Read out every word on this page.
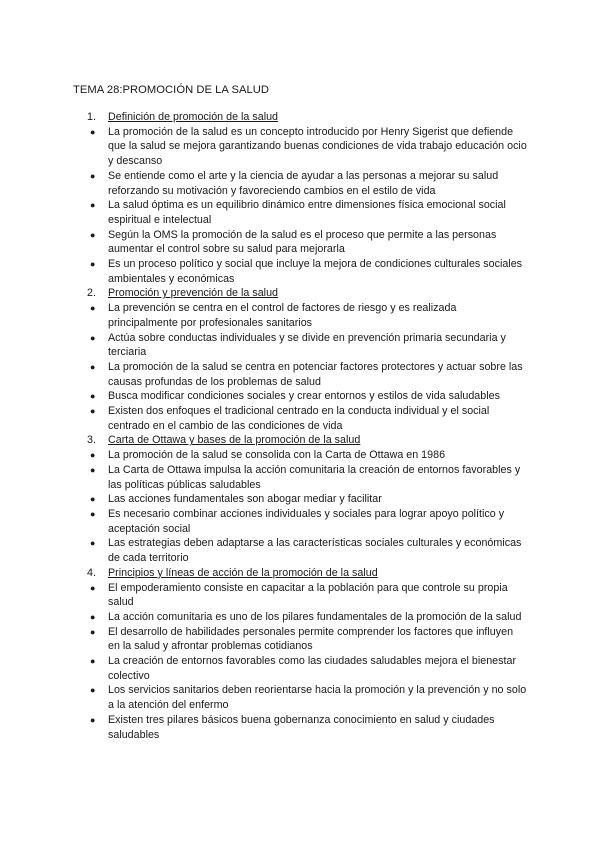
TEMA 28:PROMOCIÓN DE LA SALUD
1. Definición de promoción de la salud
● La promoción de la salud es un concepto introducido por Henry Sigerist que defiende que la salud se mejora garantizando buenas condiciones de vida trabajo educación ocio y descanso
● Se entiende como el arte y la ciencia de ayudar a las personas a mejorar su salud reforzando su motivación y favoreciendo cambios en el estilo de vida
● La salud óptima es un equilibrio dinámico entre dimensiones física emocional social espiritual e intelectual
● Según la OMS la promoción de la salud es el proceso que permite a las personas aumentar el control sobre su salud para mejorarla
● Es un proceso político y social que incluye la mejora de condiciones culturales sociales ambientales y económicas
2. Promoción y prevención de la salud
● La prevención se centra en el control de factores de riesgo y es realizada principalmente por profesionales sanitarios
● Actúa sobre conductas individuales y se divide en prevención primaria secundaria y terciaria
● La promoción de la salud se centra en potenciar factores protectores y actuar sobre las causas profundas de los problemas de salud
● Busca modificar condiciones sociales y crear entornos y estilos de vida saludables
● Existen dos enfoques el tradicional centrado en la conducta individual y el social centrado en el cambio de las condiciones de vida
3. Carta de Ottawa y bases de la promoción de la salud
● La promoción de la salud se consolida con la Carta de Ottawa en 1986
● La Carta de Ottawa impulsa la acción comunitaria la creación de entornos favorables y las políticas públicas saludables
● Las acciones fundamentales son abogar mediar y facilitar
● Es necesario combinar acciones individuales y sociales para lograr apoyo político y aceptación social
● Las estrategias deben adaptarse a las características sociales culturales y económicas de cada territorio
4. Principios y líneas de acción de la promoción de la salud
● El empoderamiento consiste en capacitar a la población para que controle su propia salud
● La acción comunitaria es uno de los pilares fundamentales de la promoción de la salud
● El desarrollo de habilidades personales permite comprender los factores que influyen en la salud y afrontar problemas cotidianos
● La creación de entornos favorables como las ciudades saludables mejora el bienestar colectivo
● Los servicios sanitarios deben reorientarse hacia la promoción y la prevención y no solo a la atención del enfermo
● Existen tres pilares básicos buena gobernanza conocimiento en salud y ciudades saludables
